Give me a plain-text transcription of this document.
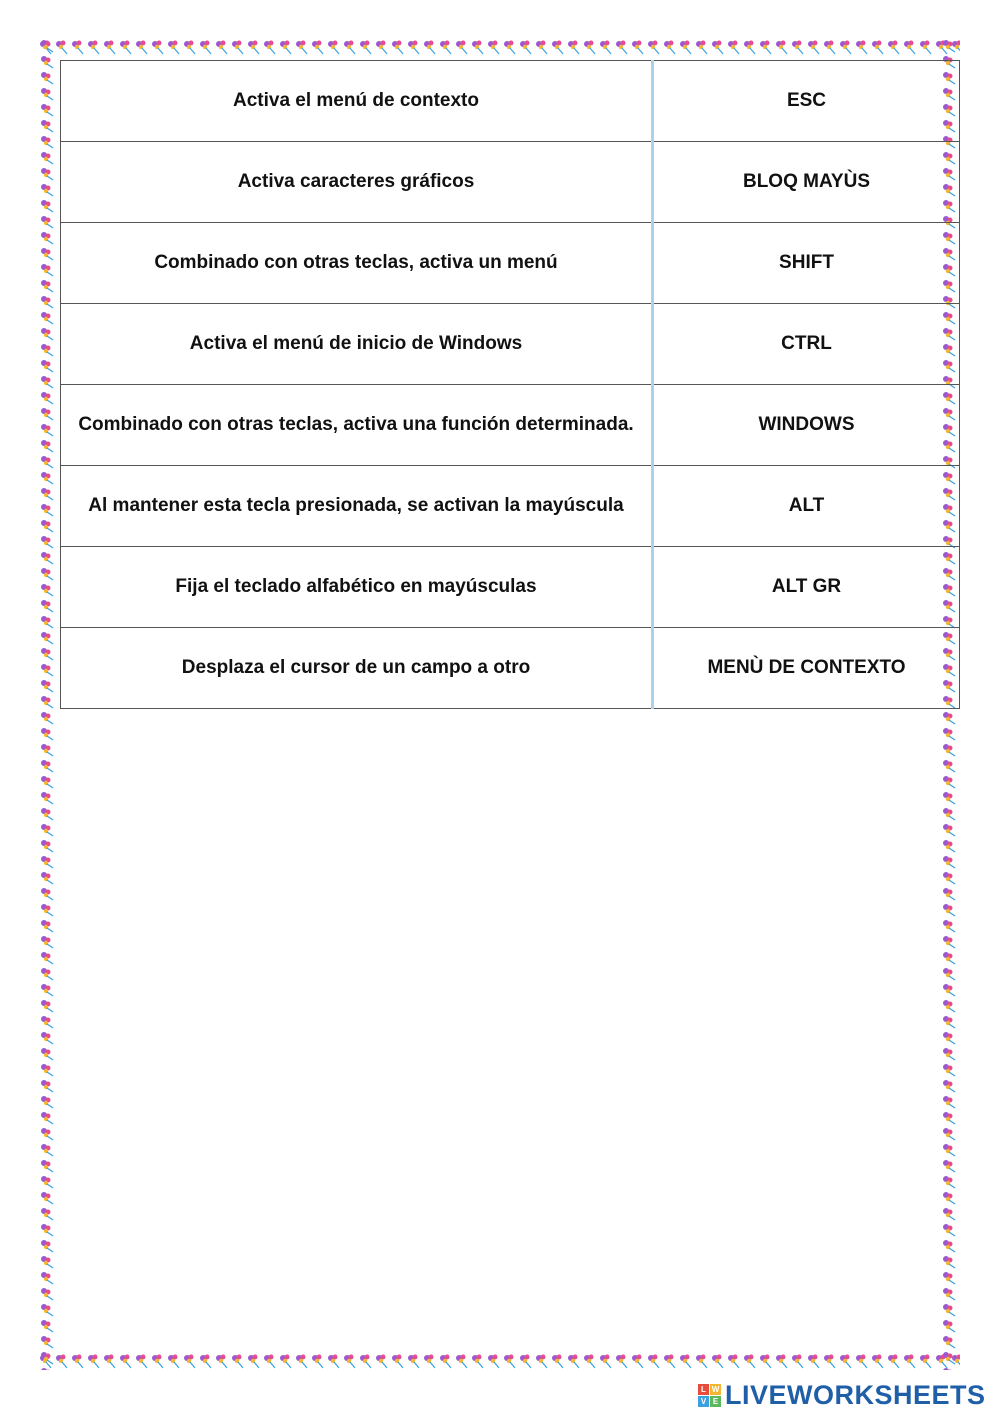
Activa el menú de contexto	ESC
Activa caracteres gráficos	BLOQ MAYÙS
Combinado con otras teclas, activa un menú	SHIFT
Activa el menú de inicio de Windows	CTRL
Combinado con otras teclas, activa una función determinada.	WINDOWS
Al mantener esta tecla presionada, se activan la mayúscula	ALT
Fija el teclado alfabético en mayúsculas	ALT GR
Desplaza el cursor de un campo a otro	MENÙ DE CONTEXTO
L W
V E LIVEWORKSHEETS
